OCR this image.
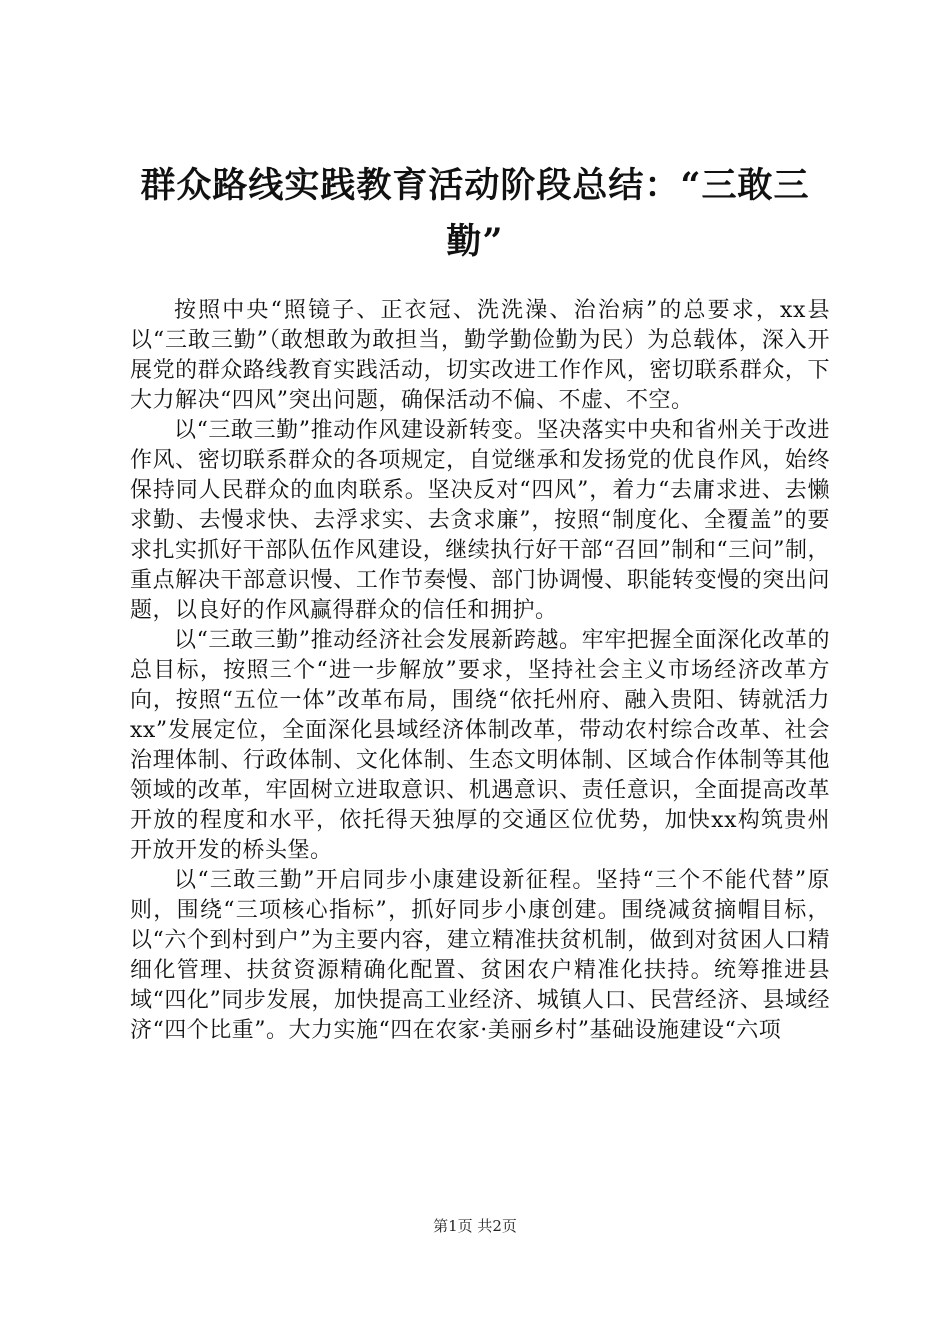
群众路线实践教育活动阶段总结：“三敢三勤”

按照中央“照镜子、正衣冠、洗洗澡、治治病”的总要求，xx县以“三敢三勤”（敢想敢为敢担当，勤学勤俭勤为民）为总载体，深入开展党的群众路线教育实践活动，切实改进工作作风，密切联系群众，下大力解决“四风”突出问题，确保活动不偏、不虚、不空。

以“三敢三勤”推动作风建设新转变。坚决落实中央和省州关于改进作风、密切联系群众的各项规定，自觉继承和发扬党的优良作风，始终保持同人民群众的血肉联系。坚决反对“四风”，着力“去庸求进、去懒求勤、去慢求快、去浮求实、去贪求廉”，按照“制度化、全覆盖”的要求扎实抓好干部队伍作风建设，继续执行好干部“召回”制和“三问”制，重点解决干部意识慢、工作节奏慢、部门协调慢、职能转变慢的突出问题，以良好的作风赢得群众的信任和拥护。

以“三敢三勤”推动经济社会发展新跨越。牢牢把握全面深化改革的总目标，按照三个“进一步解放”要求，坚持社会主义市场经济改革方向，按照“五位一体”改革布局，围绕“依托州府、融入贵阳、铸就活力xx”发展定位，全面深化县域经济体制改革，带动农村综合改革、社会治理体制、行政体制、文化体制、生态文明体制、区域合作体制等其他领域的改革，牢固树立进取意识、机遇意识、责任意识，全面提高改革开放的程度和水平，依托得天独厚的交通区位优势，加快xx构筑贵州开放开发的桥头堡。

以“三敢三勤”开启同步小康建设新征程。坚持“三个不能代替”原则，围绕“三项核心指标”，抓好同步小康创建。围绕减贫摘帽目标，以“六个到村到户”为主要内容，建立精准扶贫机制，做到对贫困人口精细化管理、扶贫资源精确化配置、贫困农户精准化扶持。统筹推进县域“四化”同步发展，加快提高工业经济、城镇人口、民营经济、县域经济“四个比重”。大力实施“四在农家·美丽乡村”基础设施建设“六项

第1页 共2页
